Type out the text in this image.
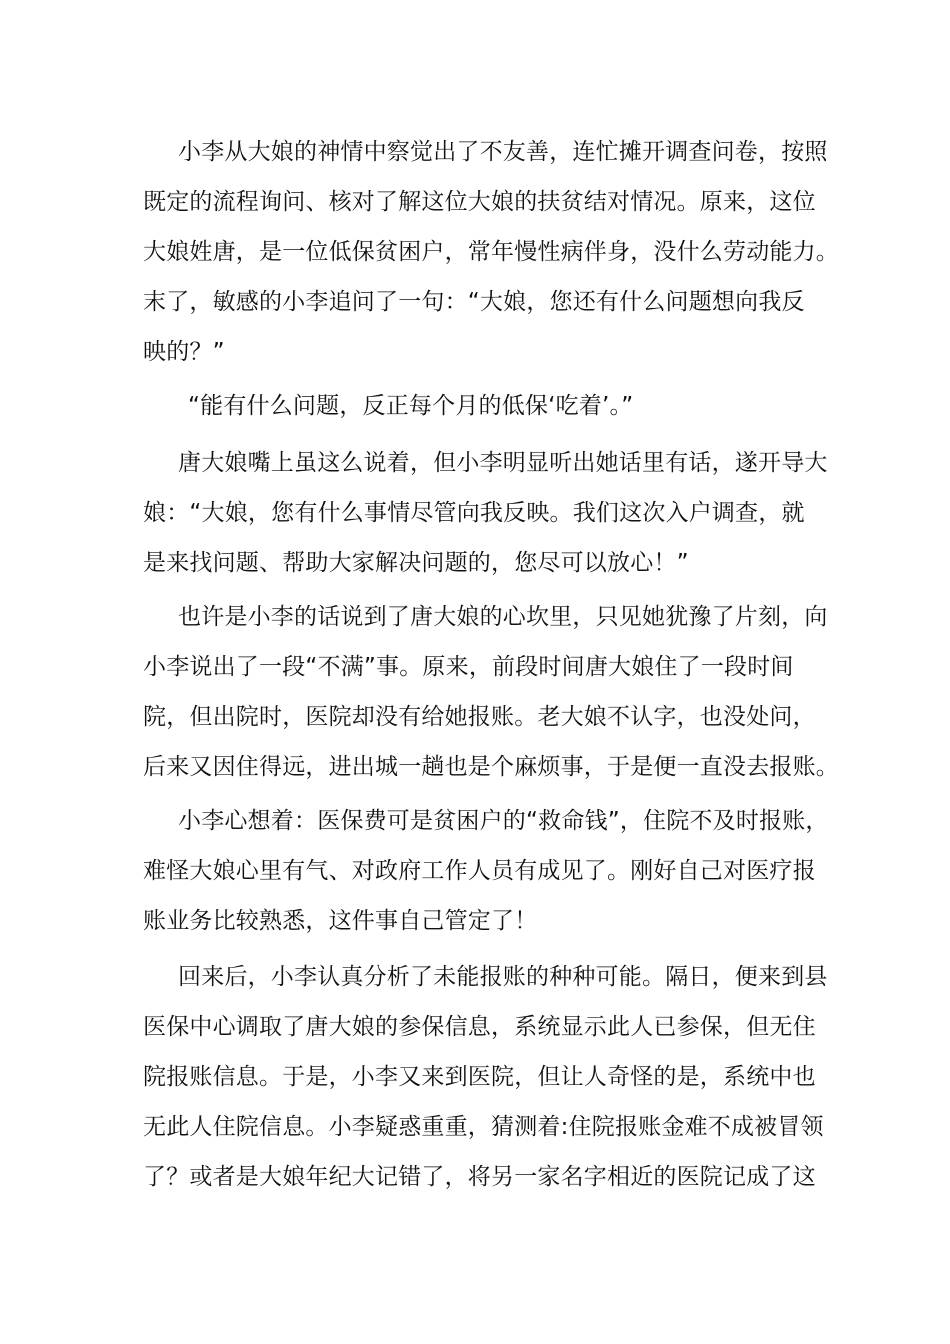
小李从大娘的神情中察觉出了不友善，连忙摊开调查问卷，按照
既定的流程询问、核对了解这位大娘的扶贫结对情况。原来，这位
大娘姓唐，是一位低保贫困户，常年慢性病伴身，没什么劳动能力。
末了，敏感的小李追问了一句：“大娘，您还有什么问题想向我反
映的？”
“能有什么问题，反正每个月的低保‘吃着’。”
唐大娘嘴上虽这么说着，但小李明显听出她话里有话，遂开导大
娘：“大娘，您有什么事情尽管向我反映。我们这次入户调查，就
是来找问题、帮助大家解决问题的，您尽可以放心！”
也许是小李的话说到了唐大娘的心坎里，只见她犹豫了片刻，向
小李说出了一段“不满”事。原来，前段时间唐大娘住了一段时间
院，但出院时，医院却没有给她报账。老大娘不认字，也没处问，
后来又因住得远，进出城一趟也是个麻烦事，于是便一直没去报账。
小李心想着：医保费可是贫困户的“救命钱”，住院不及时报账，
难怪大娘心里有气、对政府工作人员有成见了。刚好自己对医疗报
账业务比较熟悉，这件事自己管定了！
回来后，小李认真分析了未能报账的种种可能。隔日，便来到县
医保中心调取了唐大娘的参保信息，系统显示此人已参保，但无住
院报账信息。于是，小李又来到医院，但让人奇怪的是，系统中也
无此人住院信息。小李疑惑重重，猜测着:住院报账金难不成被冒领
了？或者是大娘年纪大记错了，将另一家名字相近的医院记成了这
